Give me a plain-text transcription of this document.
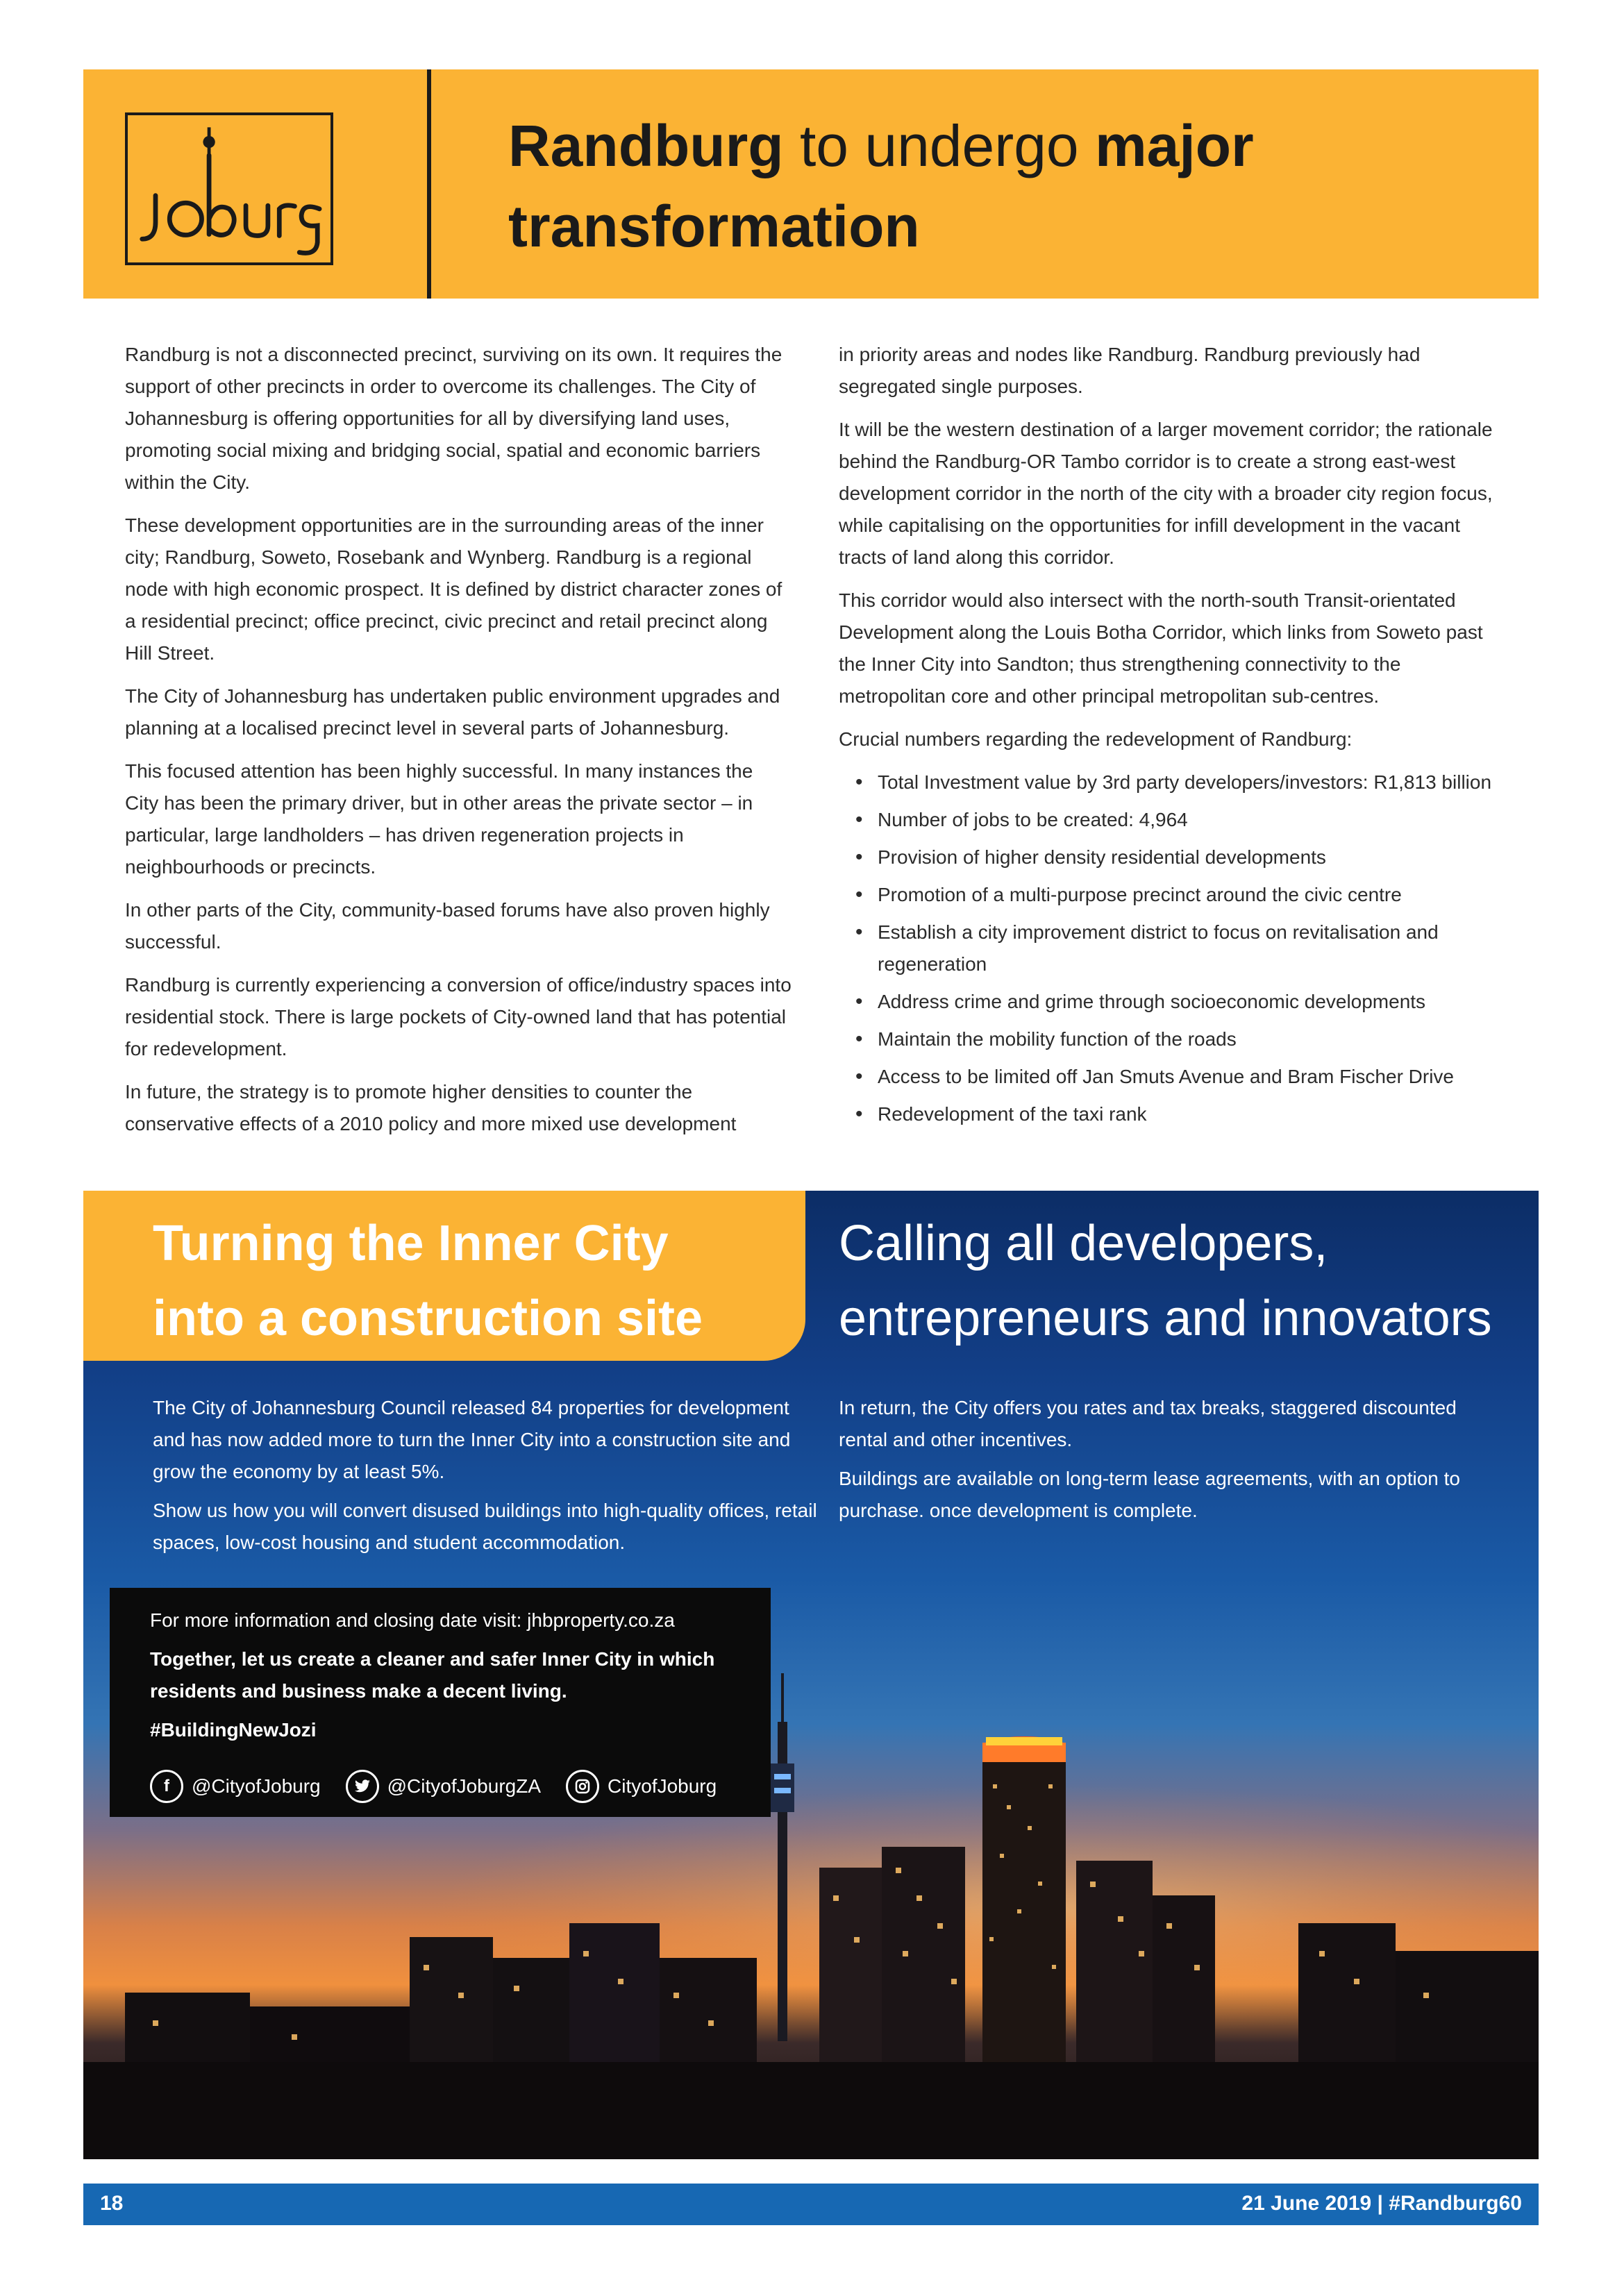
Randburg to undergo major
transformation

Randburg is not a disconnected precinct, surviving on its own. It requires the support of other precincts in order to overcome its challenges. The City of Johannesburg is offering opportunities for all by diversifying land uses, promoting social mixing and bridging social, spatial and economic barriers within the City.

These development opportunities are in the surrounding areas of the inner city; Randburg, Soweto, Rosebank and Wynberg. Randburg is a regional node with high economic prospect. It is defined by district character zones of a residential precinct; office precinct, civic precinct and retail precinct along Hill Street.

The City of Johannesburg has undertaken public environment upgrades and planning at a localised precinct level in several parts of Johannesburg.

This focused attention has been highly successful. In many instances the City has been the primary driver, but in other areas the private sector – in particular, large landholders – has driven regeneration projects in neighbourhoods or precincts.

In other parts of the City, community-based forums have also proven highly successful.

Randburg is currently experiencing a conversion of office/industry spaces into residential stock. There is large pockets of City-owned land that has potential for redevelopment.

In future, the strategy is to promote higher densities to counter the conservative effects of a 2010 policy and more mixed use development

in priority areas and nodes like Randburg. Randburg previously had segregated single purposes.

It will be the western destination of a larger movement corridor; the rationale behind the Randburg-OR Tambo corridor is to create a strong east-west development corridor in the north of the city with a broader city region focus, while capitalising on the opportunities for infill development in the vacant tracts of land along this corridor.

This corridor would also intersect with the north-south Transit-orientated Development along the Louis Botha Corridor, which links from Soweto past the Inner City into Sandton; thus strengthening connectivity to the metropolitan core and other principal metropolitan sub-centres.

Crucial numbers regarding the redevelopment of Randburg:

• Total Investment value by 3rd party developers/investors: R1,813 billion
• Number of jobs to be created: 4,964
• Provision of higher density residential developments
• Promotion of a multi-purpose precinct around the civic centre
• Establish a city improvement district to focus on revitalisation and regeneration
• Address crime and grime through socioeconomic developments
• Maintain the mobility function of the roads
• Access to be limited off Jan Smuts Avenue and Bram Fischer Drive
• Redevelopment of the taxi rank
Turning the Inner City
into a construction site
Calling all developers,
entrepreneurs and innovators

The City of Johannesburg Council released 84 properties for development and has now added more to turn the Inner City into a construction site and grow the economy by at least 5%.

Show us how you will convert disused buildings into high-quality offices, retail spaces, low-cost housing and student accommodation.

In return, the City offers you rates and tax breaks, staggered discounted rental and other incentives.

Buildings are available on long-term lease agreements, with an option to purchase. once development is complete.

For more information and closing date visit: jhbproperty.co.za
Together, let us create a cleaner and safer Inner City in which residents and business make a decent living.
#BuildingNewJozi
f	@CityofJoburg	@CityofJoburgZA	CityofJoburg
18	21 June 2019 | #Randburg60
